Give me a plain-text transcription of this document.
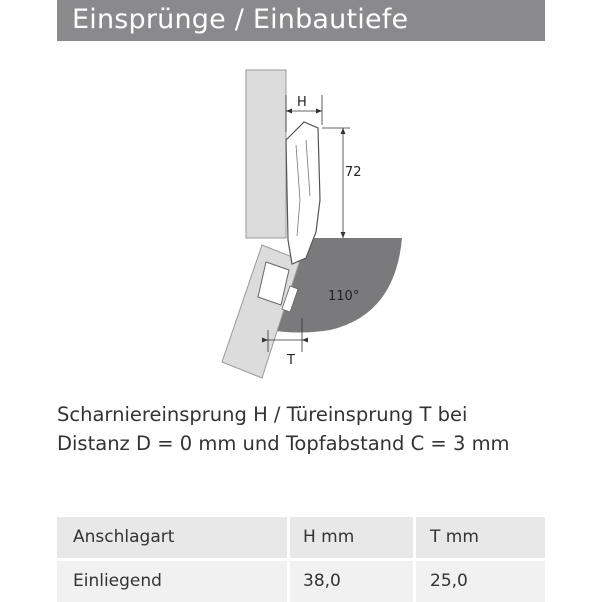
Einsprünge / Einbautiefe
H
72
110°
T
Scharniereinsprung H / Türeinsprung T bei
Distanz D = 0 mm und Topfabstand C = 3 mm
Anschlagart	H mm	T mm
Einliegend	38,0	25,0
